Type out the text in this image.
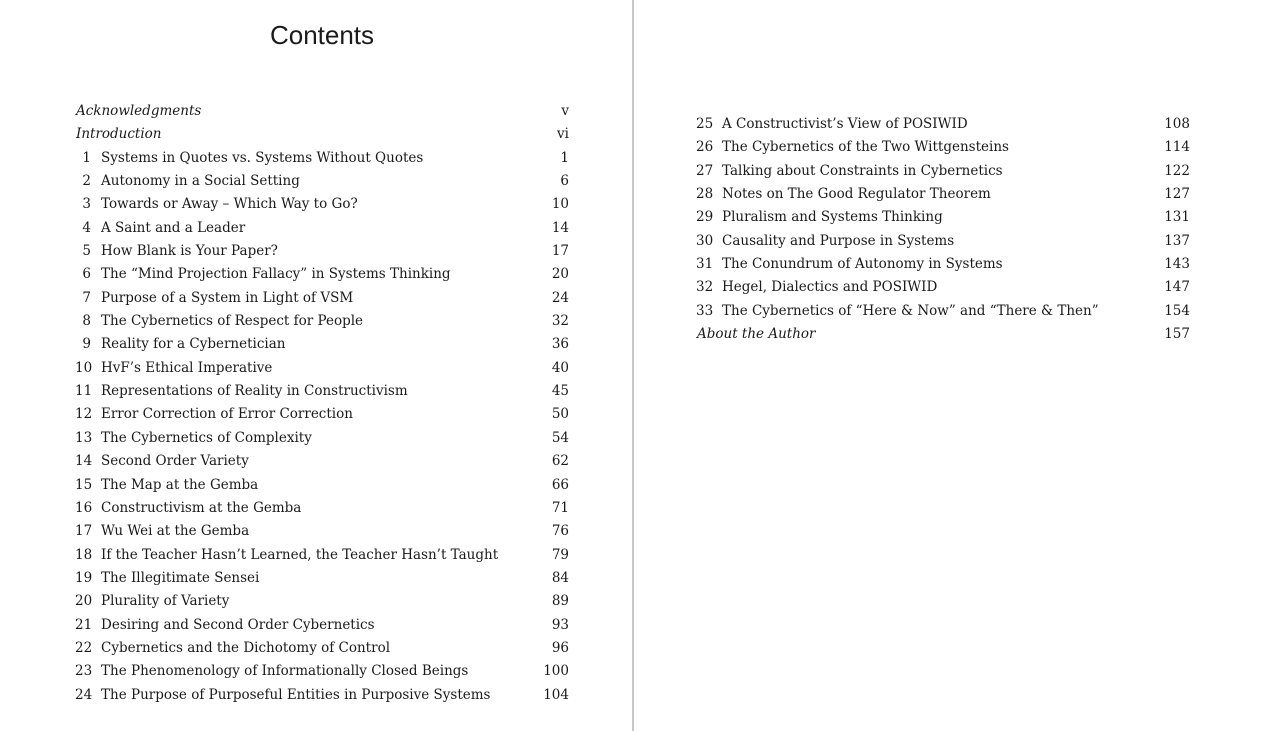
Contents
Acknowledgments	v
Introduction	vi
1 Systems in Quotes vs. Systems Without Quotes	1
2 Autonomy in a Social Setting	6
3 Towards or Away – Which Way to Go?	10
4 A Saint and a Leader	14
5 How Blank is Your Paper?	17
6 The “Mind Projection Fallacy” in Systems Thinking	20
7 Purpose of a System in Light of VSM	24
8 The Cybernetics of Respect for People	32
9 Reality for a Cybernetician	36
10 HvF’s Ethical Imperative	40
11 Representations of Reality in Constructivism	45
12 Error Correction of Error Correction	50
13 The Cybernetics of Complexity	54
14 Second Order Variety	62
15 The Map at the Gemba	66
16 Constructivism at the Gemba	71
17 Wu Wei at the Gemba	76
18 If the Teacher Hasn’t Learned, the Teacher Hasn’t Taught	79
19 The Illegitimate Sensei	84
20 Plurality of Variety	89
21 Desiring and Second Order Cybernetics	93
22 Cybernetics and the Dichotomy of Control	96
23 The Phenomenology of Informationally Closed Beings	100
24 The Purpose of Purposeful Entities in Purposive Systems	104
25 A Constructivist’s View of POSIWID	108
26 The Cybernetics of the Two Wittgensteins	114
27 Talking about Constraints in Cybernetics	122
28 Notes on The Good Regulator Theorem	127
29 Pluralism and Systems Thinking	131
30 Causality and Purpose in Systems	137
31 The Conundrum of Autonomy in Systems	143
32 Hegel, Dialectics and POSIWID	147
33 The Cybernetics of “Here & Now” and “There & Then”	154
About the Author	157
